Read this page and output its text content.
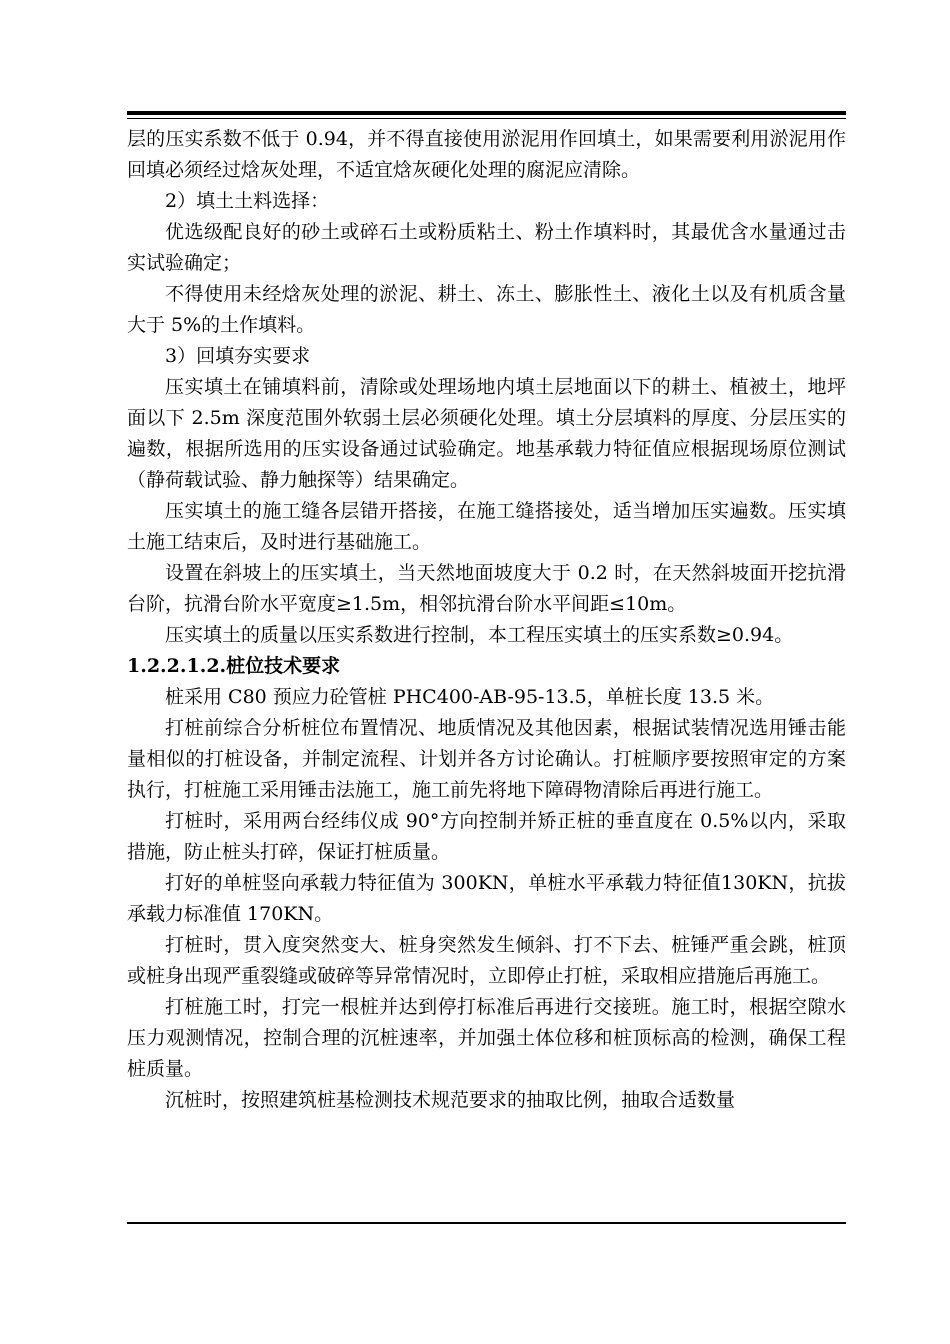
层的压实系数不低于 0.94，并不得直接使用淤泥用作回填土，如果需要利用淤泥用作回填必须经过焓灰处理，不适宜焓灰硬化处理的腐泥应清除。

2）填土土料选择：

优选级配良好的砂土或碎石土或粉质粘土、粉土作填料时，其最优含水量通过击实试验确定；

不得使用未经焓灰处理的淤泥、耕土、冻土、膨胀性土、液化土以及有机质含量大于 5%的土作填料。

3）回填夯实要求

压实填土在铺填料前，清除或处理场地内填土层地面以下的耕土、植被土，地坪面以下 2.5m 深度范围外软弱土层必须硬化处理。填土分层填料的厚度、分层压实的遍数，根据所选用的压实设备通过试验确定。地基承载力特征值应根据现场原位测试（静荷载试验、静力触探等）结果确定。

压实填土的施工缝各层错开搭接，在施工缝搭接处，适当增加压实遍数。压实填土施工结束后，及时进行基础施工。

设置在斜坡上的压实填土，当天然地面坡度大于 0.2 时，在天然斜坡面开挖抗滑台阶，抗滑台阶水平宽度≥1.5m，相邻抗滑台阶水平间距≤10m。

压实填土的质量以压实系数进行控制，本工程压实填土的压实系数≥0.94。

1.2.2.1.2.桩位技术要求

桩采用 C80 预应力砼管桩 PHC400-AB-95-13.5，单桩长度 13.5 米。

打桩前综合分析桩位布置情况、地质情况及其他因素，根据试装情况选用锤击能量相似的打桩设备，并制定流程、计划并各方讨论确认。打桩顺序要按照审定的方案执行，打桩施工采用锤击法施工，施工前先将地下障碍物清除后再进行施工。

打桩时，采用两台经纬仪成 90°方向控制并矫正桩的垂直度在 0.5%以内，采取措施，防止桩头打碎，保证打桩质量。

打好的单桩竖向承载力特征值为 300KN，单桩水平承载力特征值130KN，抗拔承载力标准值 170KN。

打桩时，贯入度突然变大、桩身突然发生倾斜、打不下去、桩锤严重会跳，桩顶或桩身出现严重裂缝或破碎等异常情况时，立即停止打桩，采取相应措施后再施工。

打桩施工时，打完一根桩并达到停打标准后再进行交接班。施工时，根据空隙水压力观测情况，控制合理的沉桩速率，并加强土体位移和桩顶标高的检测，确保工程桩质量。

沉桩时，按照建筑桩基检测技术规范要求的抽取比例，抽取合适数量
